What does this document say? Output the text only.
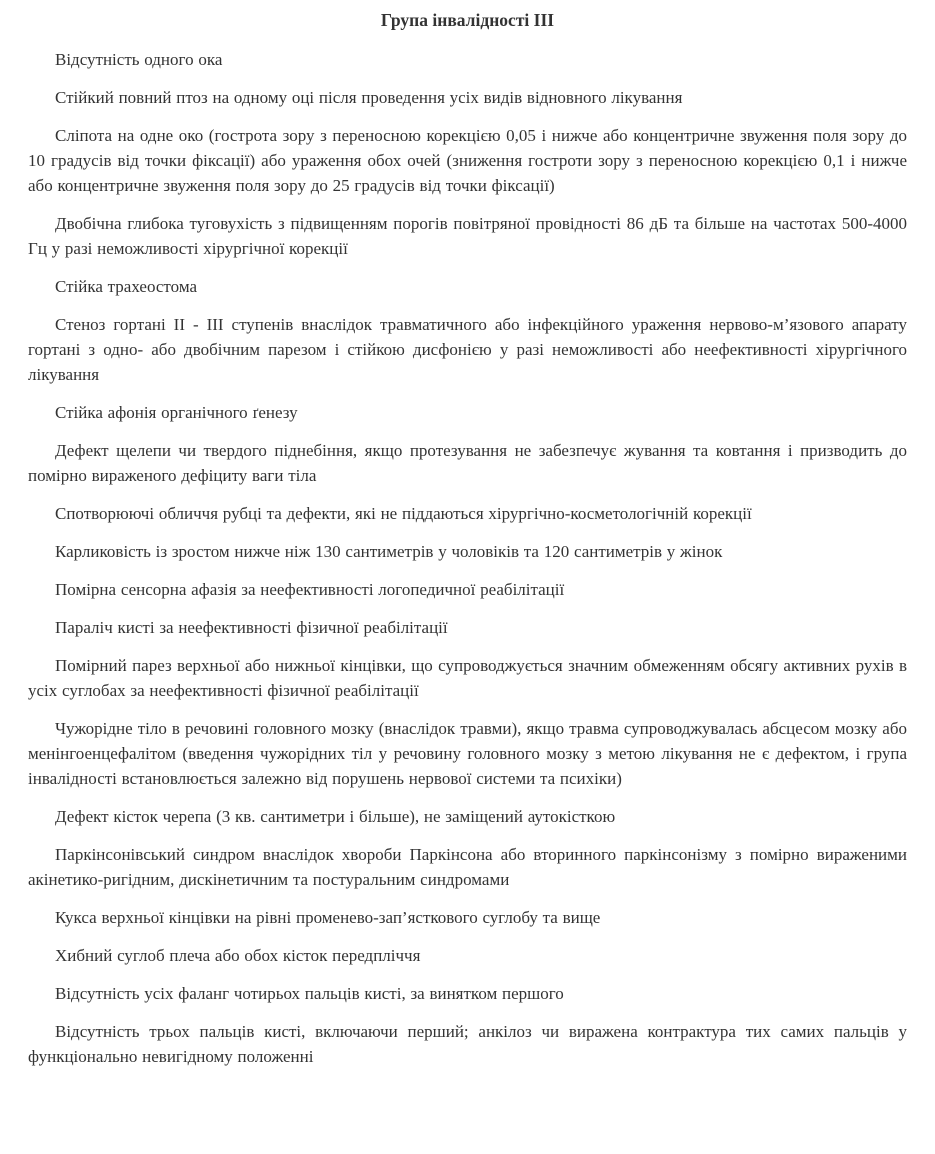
Група інвалідності III

Відсутність одного ока

Стійкий повний птоз на одному оці після проведення усіх видів відновного лікування

Сліпота на одне око (гострота зору з переносною корекцією 0,05 і нижче або концентричне звуження поля зору до 10 градусів від точки фіксації) або ураження обох очей (зниження гостроти зору з переносною корекцією 0,1 і нижче або концентричне звуження поля зору до 25 градусів від точки фіксації)

Двобічна глибока туговухість з підвищенням порогів повітряної провідності 86 дБ та більше на частотах 500-4000 Гц у разі неможливості хірургічної корекції

Стійка трахеостома

Стеноз гортані II - III ступенів внаслідок травматичного або інфекційного ураження нервово-м’язового апарату гортані з одно- або двобічним парезом і стійкою дисфонією у разі неможливості або неефективності хірургічного лікування

Стійка афонія органічного ґенезу

Дефект щелепи чи твердого піднебіння, якщо протезування не забезпечує жування та ковтання і призводить до помірно вираженого дефіциту ваги тіла

Спотворюючі обличчя рубці та дефекти, які не піддаються хірургічно-косметологічній корекції

Карликовість із зростом нижче ніж 130 сантиметрів у чоловіків та 120 сантиметрів у жінок

Помірна сенсорна афазія за неефективності логопедичної реабілітації

Параліч кисті за неефективності фізичної реабілітації

Помірний парез верхньої або нижньої кінцівки, що супроводжується значним обмеженням обсягу активних рухів в усіх суглобах за неефективності фізичної реабілітації

Чужорідне тіло в речовині головного мозку (внаслідок травми), якщо травма супроводжувалась абсцесом мозку або менінгоенцефалітом (введення чужорідних тіл у речовину головного мозку з метою лікування не є дефектом, і група інвалідності встановлюється залежно від порушень нервової системи та психіки)

Дефект кісток черепа (3 кв. сантиметри і більше), не заміщений аутокісткою

Паркінсонівський синдром внаслідок хвороби Паркінсона або вторинного паркінсонізму з помірно вираженими акінетико-ригідним, дискінетичним та постуральним синдромами

Кукса верхньої кінцівки на рівні променево-зап’ясткового суглобу та вище

Хибний суглоб плеча або обох кісток передпліччя

Відсутність усіх фаланг чотирьох пальців кисті, за винятком першого

Відсутність трьох пальців кисті, включаючи перший; анкілоз чи виражена контрактура тих самих пальців у функціонально невигідному положенні
